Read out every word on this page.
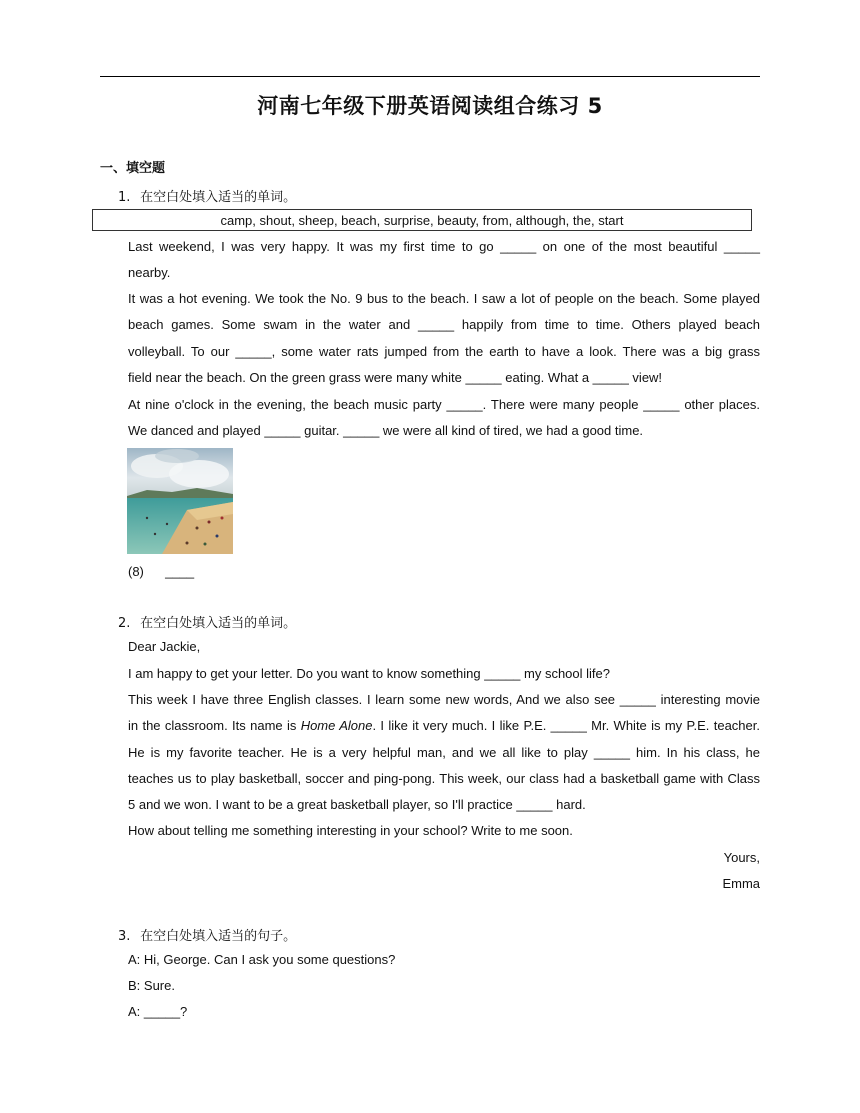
河南七年级下册英语阅读组合练习 5
一、填空题
1. 在空白处填入适当的单词。
camp, shout, sheep, beach, surprise, beauty, from, although, the, start
Last weekend, I was very happy. It was my first time to go _____ on one of the most beautiful _____
nearby.
It was a hot evening. We took the No. 9 bus to the beach. I saw a lot of people on the beach. Some played
beach games. Some swam in the water and _____ happily from time to time. Others played beach
volleyball. To our _____, some water rats jumped from the earth to have a look. There was a big grass
field near the beach. On the green grass were many white _____ eating. What a _____ view!
At nine o'clock in the evening, the beach music party _____. There were many people _____ other places.
We danced and played _____ guitar. _____ we were all kind of tired, we had a good time.
(8) ____
2. 在空白处填入适当的单词。
Dear Jackie,
I am happy to get your letter. Do you want to know something _____ my school life?
This week I have three English classes. I learn some new words, And we also see _____ interesting movie
in the classroom. Its name is Home Alone. I like it very much. I like P.E. _____ Mr. White is my P.E. teacher.
He is my favorite teacher. He is a very helpful man, and we all like to play _____ him. In his class, he
teaches us to play basketball, soccer and ping-pong. This week, our class had a basketball game with Class
5 and we won. I want to be a great basketball player, so I'll practice _____ hard.
How about telling me something interesting in your school? Write to me soon.
Yours,
Emma
3. 在空白处填入适当的句子。
A: Hi, George. Can I ask you some questions?
B: Sure.
A: _____?
